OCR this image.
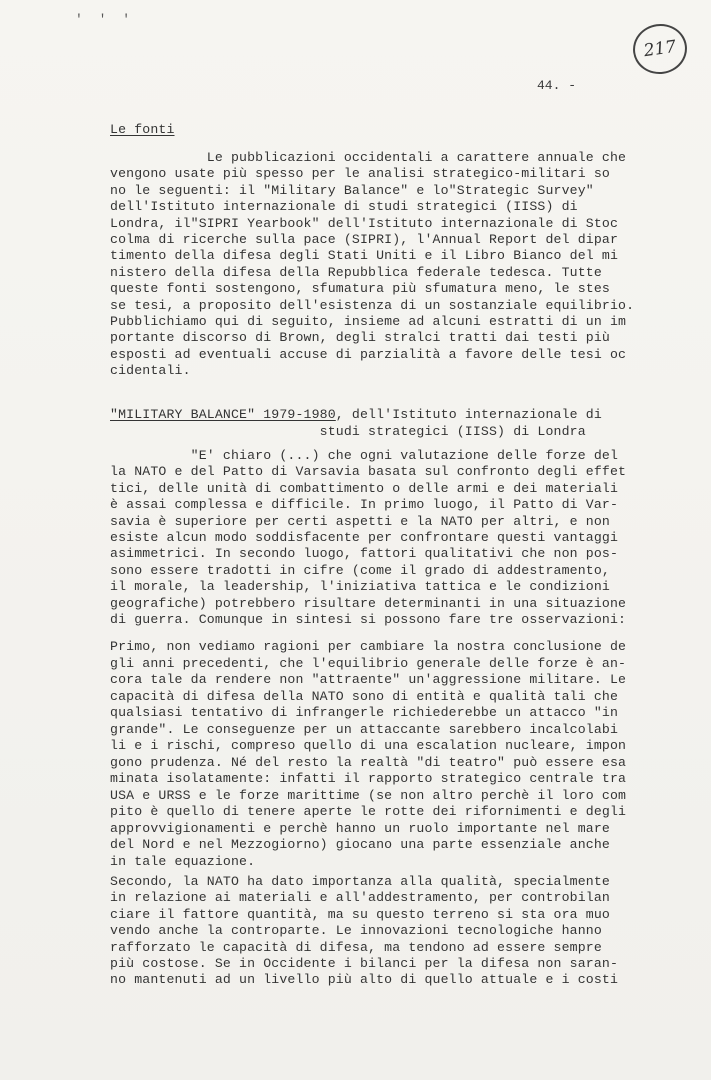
' ' '
217
44. -
Le fonti
Le pubblicazioni occidentali a carattere annuale che
vengono usate più spesso per le analisi strategico-militari so
no le seguenti: il "Military Balance" e lo"Strategic Survey"
dell'Istituto internazionale di studi strategici (IISS) di
Londra, il"SIPRI Yearbook" dell'Istituto internazionale di Stoc
colma di ricerche sulla pace (SIPRI), l'Annual Report del dipar
timento della difesa degli Stati Uniti e il Libro Bianco del mi
nistero della difesa della Repubblica federale tedesca. Tutte
queste fonti sostengono, sfumatura più sfumatura meno, le stes
se tesi, a proposito dell'esistenza di un sostanziale equilibrio.
Pubblichiamo qui di seguito, insieme ad alcuni estratti di un im
portante discorso di Brown, degli stralci tratti dai testi più
esposti ad eventuali accuse di parzialità a favore delle tesi oc
cidentali.
"MILITARY BALANCE" 1979-1980, dell'Istituto internazionale di
studi strategici (IISS) di Londra
"E' chiaro (...) che ogni valutazione delle forze del
la NATO e del Patto di Varsavia basata sul confronto degli effet
tici, delle unità di combattimento o delle armi e dei materiali
è assai complessa e difficile. In primo luogo, il Patto di Var-
savia è superiore per certi aspetti e la NATO per altri, e non
esiste alcun modo soddisfacente per confrontare questi vantaggi
asimmetrici. In secondo luogo, fattori qualitativi che non pos-
sono essere tradotti in cifre (come il grado di addestramento,
il morale, la leadership, l'iniziativa tattica e le condizioni
geografiche) potrebbero risultare determinanti in una situazione
di guerra. Comunque in sintesi si possono fare tre osservazioni:
Primo, non vediamo ragioni per cambiare la nostra conclusione de
gli anni precedenti, che l'equilibrio generale delle forze è an-
cora tale da rendere non "attraente" un'aggressione militare. Le
capacità di difesa della NATO sono di entità e qualità tali che
qualsiasi tentativo di infrangerle richiederebbe un attacco "in
grande". Le conseguenze per un attaccante sarebbero incalcolabi
li e i rischi, compreso quello di una escalation nucleare, impon
gono prudenza. Né del resto la realtà "di teatro" può essere esa
minata isolatamente: infatti il rapporto strategico centrale tra
USA e URSS e le forze marittime (se non altro perchè il loro com
pito è quello di tenere aperte le rotte dei rifornimenti e degli
approvvigionamenti e perchè hanno un ruolo importante nel mare
del Nord e nel Mezzogiorno) giocano una parte essenziale anche
in tale equazione.
Secondo, la NATO ha dato importanza alla qualità, specialmente
in relazione ai materiali e all'addestramento, per controbilan
ciare il fattore quantità, ma su questo terreno si sta ora muo
vendo anche la controparte. Le innovazioni tecnologiche hanno
rafforzato le capacità di difesa, ma tendono ad essere sempre
più costose. Se in Occidente i bilanci per la difesa non saran-
no mantenuti ad un livello più alto di quello attuale e i costi
